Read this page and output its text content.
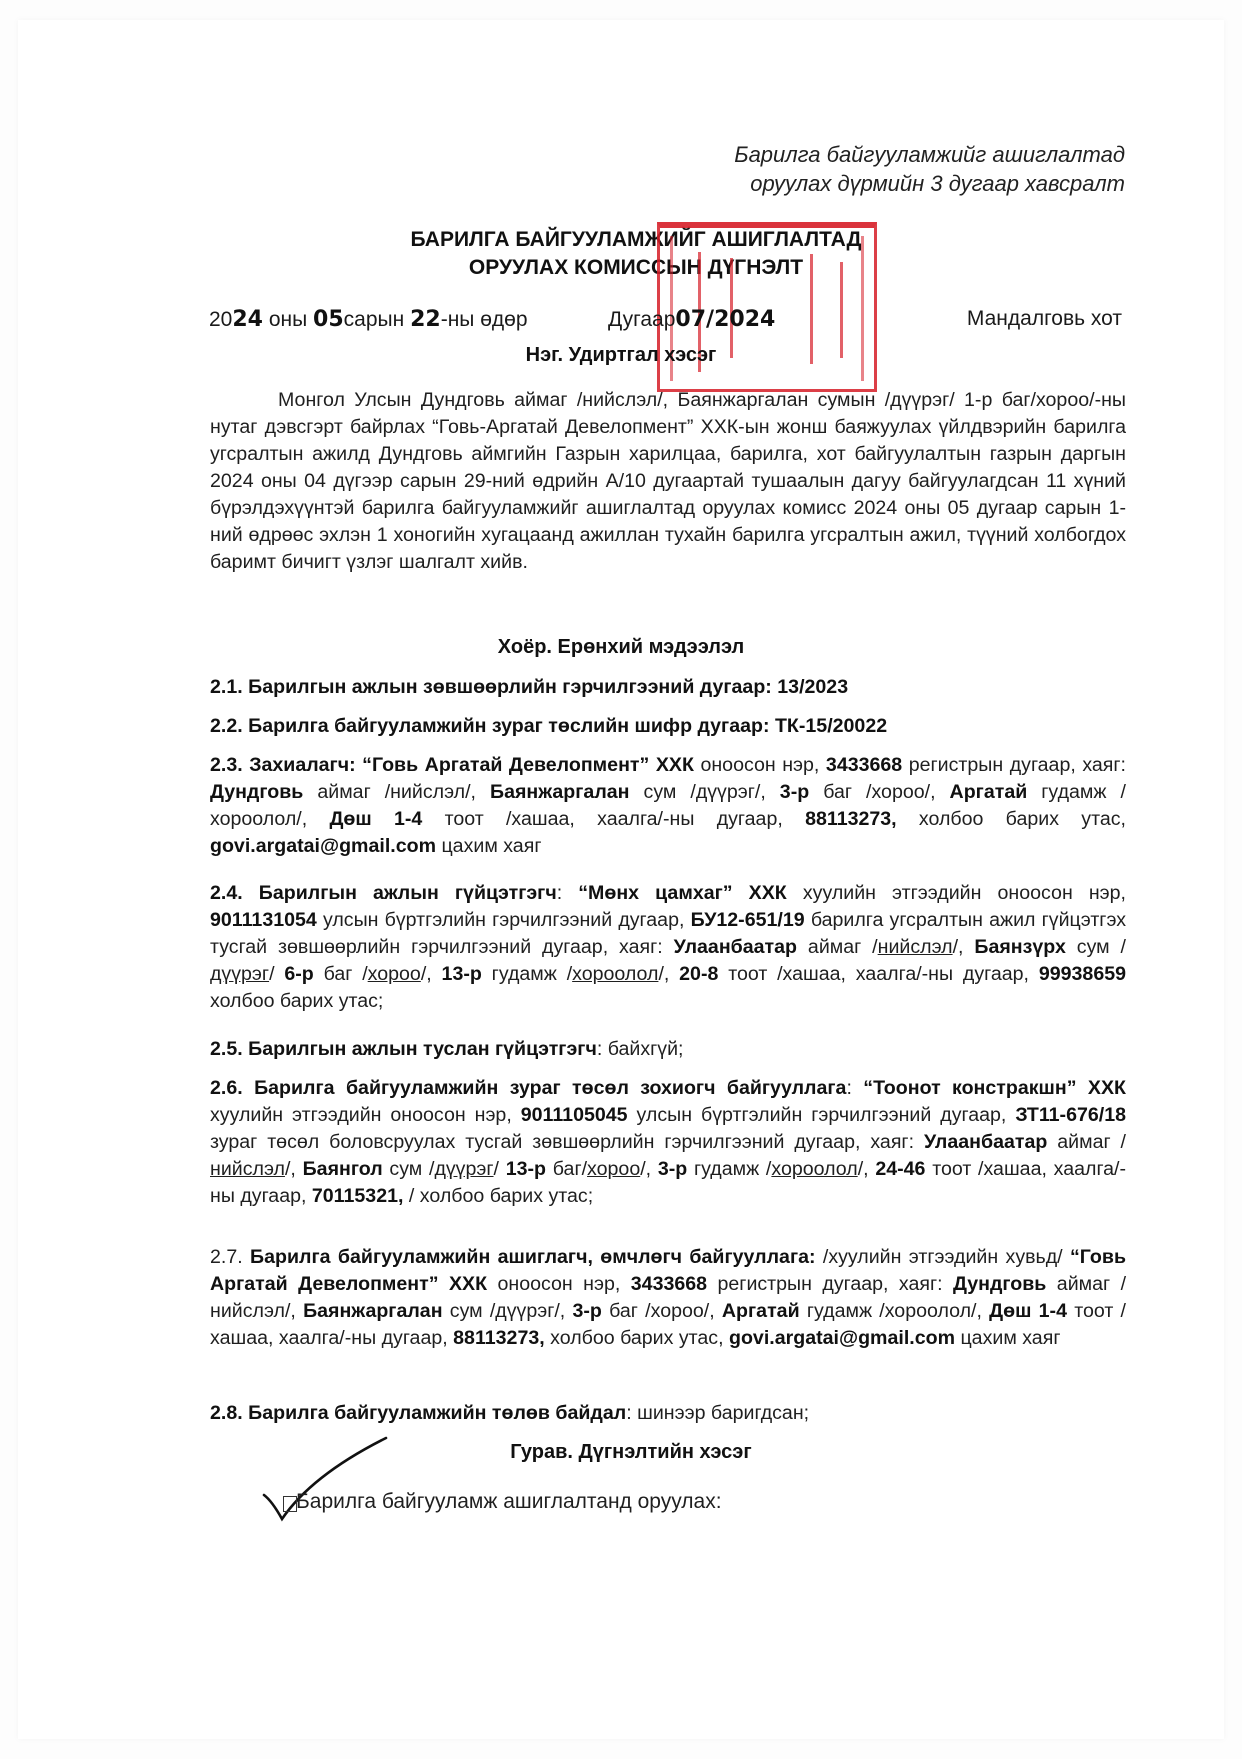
Барилга байгууламжийг ашиглалтад
оруулах дүрмийн 3 дугаар хавсралт
БАРИЛГА БАЙГУУЛАМЖИЙГ АШИГЛАЛТАД
ОРУУЛАХ КОМИССЫН ДҮГНЭЛТ
2024 оны 05сарын 22-ны өдөр	Дугаар07/2024	Мандалговь хот
Нэг. Удиртгал хэсэг
Монгол Улсын Дундговь аймаг /нийслэл/, Баянжаргалан сумын /дүүрэг/ 1-р баг/хороо/-ны нутаг дэвсгэрт байрлах “Говь-Аргатай Девелопмент” ХХК-ын жонш баяжуулах үйлдвэрийн барилга угсралтын ажилд Дундговь аймгийн Газрын харилцаа, барилга, хот байгуулалтын газрын даргын 2024 оны 04 дүгээр сарын 29-ний өдрийн А/10 дугаартай тушаалын дагуу байгуулагдсан 11 хүний бүрэлдэхүүнтэй барилга байгууламжийг ашиглалтад оруулах комисс 2024 оны 05 дугаар сарын 1-ний өдрөөс эхлэн 1 хоногийн хугацаанд ажиллан тухайн барилга угсралтын ажил, түүний холбогдох баримт бичигт үзлэг шалгалт хийв.
Хоёр. Ерөнхий мэдээлэл
2.1. Барилгын ажлын зөвшөөрлийн гэрчилгээний дугаар: 13/2023
2.2. Барилга байгууламжийн зураг төслийн шифр дугаар: ТК-15/20022
2.3. Захиалагч: “Говь Аргатай Девелопмент” ХХК оноосон нэр, 3433668 регистрын дугаар, хаяг: Дундговь аймаг /нийслэл/, Баянжаргалан сум /дүүрэг/, 3-р баг /хороо/, Аргатай гудамж /хороолол/, Дөш 1-4 тоот /хашаа, хаалга/-ны дугаар, 88113273, холбоо барих утас, govi.argatai@gmail.com цахим хаяг
2.4. Барилгын ажлын гүйцэтгэгч: “Мөнх цамхаг” ХХК хуулийн этгээдийн оноосон нэр, 9011131054 улсын бүртгэлийн гэрчилгээний дугаар, БУ12-651/19 барилга угсралтын ажил гүйцэтгэх тусгай зөвшөөрлийн гэрчилгээний дугаар, хаяг: Улаанбаатар аймаг /нийслэл/, Баянзүрх сум /дүүрэг/ 6-р баг /хороо/, 13-р гудамж /хороолол/, 20-8 тоот /хашаа, хаалга/-ны дугаар, 99938659 холбоо барих утас;
2.5. Барилгын ажлын туслан гүйцэтгэгч: байхгүй;
2.6. Барилга байгууламжийн зураг төсөл зохиогч байгууллага: “Тоонот констракшн” ХХК хуулийн этгээдийн оноосон нэр, 9011105045 улсын бүртгэлийн гэрчилгээний дугаар, ЗТ11-676/18 зураг төсөл боловсруулах тусгай зөвшөөрлийн гэрчилгээний дугаар, хаяг: Улаанбаатар аймаг /нийслэл/, Баянгол сум /дүүрэг/ 13-р баг/хороо/, 3-р гудамж /хороолол/, 24-46 тоот /хашаа, хаалга/-ны дугаар, 70115321, / холбоо барих утас;
2.7. Барилга байгууламжийн ашиглагч, өмчлөгч байгууллага: /хуулийн этгээдийн хувьд/ “Говь Аргатай Девелопмент” ХХК оноосон нэр, 3433668 регистрын дугаар, хаяг: Дундговь аймаг /нийслэл/, Баянжаргалан сум /дүүрэг/, 3-р баг /хороо/, Аргатай гудамж /хороолол/, Дөш 1-4 тоот /хашаа, хаалга/-ны дугаар, 88113273, холбоо барих утас, govi.argatai@gmail.com цахим хаяг
2.8. Барилга байгууламжийн төлөв байдал: шинээр баригдсан;
Гурав. Дүгнэлтийн хэсэг
Барилга байгууламж ашиглалтанд оруулах:
